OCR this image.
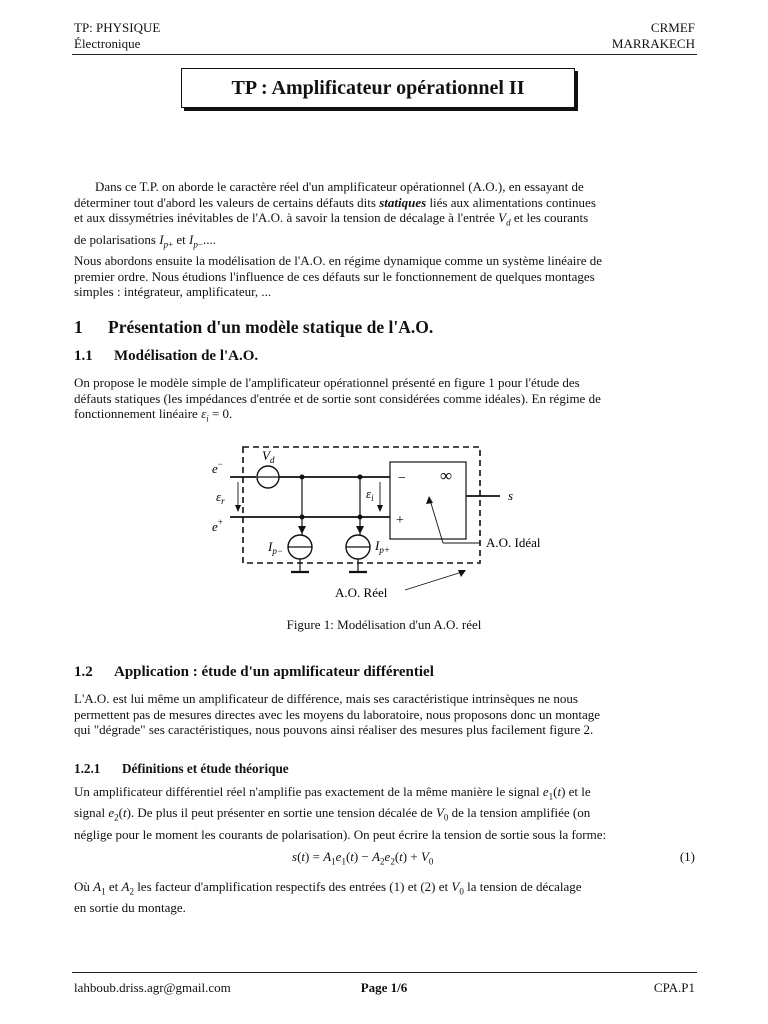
TP: PHYSIQUE
Électronique
CRMEF
MARRAKECH
TP : Amplificateur opérationnel II
Dans ce T.P. on aborde le caractère réel d'un amplificateur opérationnel (A.O.), en essayant de
déterminer tout d'abord les valeurs de certains défauts dits statiques liés aux alimentations continues
et aux dissymétries inévitables de l'A.O. à savoir la tension de décalage à l'entrée $V_d$ et les courants
de polarisations $I_{p+}$ et $I_{p-}$....
Nous abordons ensuite la modélisation de l'A.O. en régime dynamique comme un système linéaire de
premier ordre. Nous étudions l'influence de ces défauts sur le fonctionnement de quelques montages
simples : intégrateur, amplificateur, ...
1 Présentation d'un modèle statique de l'A.O.
1.1 Modélisation de l'A.O.
On propose le modèle simple de l'amplificateur opérationnel présenté en figure 1 pour l'étude des
défauts statiques (les impédances d'entrée et de sortie sont considérées comme idéales). En régime de
fonctionnement linéaire $\varepsilon_i = 0$.
e−
e+
$V_d$
$\varepsilon_r$	$\varepsilon_i$
−
+
∞
s
$I_{p-}$	$I_{p+}$	A.O. Idéal
A.O. Réel
Figure 1: Modélisation d'un A.O. réel
1.2 Application : étude d'un apmlificateur différentiel
L'A.O. est lui même un amplificateur de différence, mais ses caractéristique intrinsèques ne nous
permettent pas de mesures directes avec les moyens du laboratoire, nous proposons donc un montage
qui "dégrade" ses caractéristiques, nous pouvons ainsi réaliser des mesures plus facilement figure 2.
1.2.1 Définitions et étude théorique
Un amplificateur différentiel réel n'amplifie pas exactement de la même manière le signal $e_1(t)$ et le
signal $e_2(t)$. De plus il peut présenter en sortie une tension décalée de $V_0$ de la tension amplifiée (on
néglige pour le moment les courants de polarisation). On peut écrire la tension de sortie sous la forme:
$s(t) = A_1e_1(t) - A_2e_2(t) + V_0$	(1)
Où $A_1$ et $A_2$ les facteur d'amplification respectifs des entrées (1) et (2) et $V_0$ la tension de décalage
en sortie du montage.
lahboub.driss.agr@gmail.com	Page 1/6	CPA.P1
